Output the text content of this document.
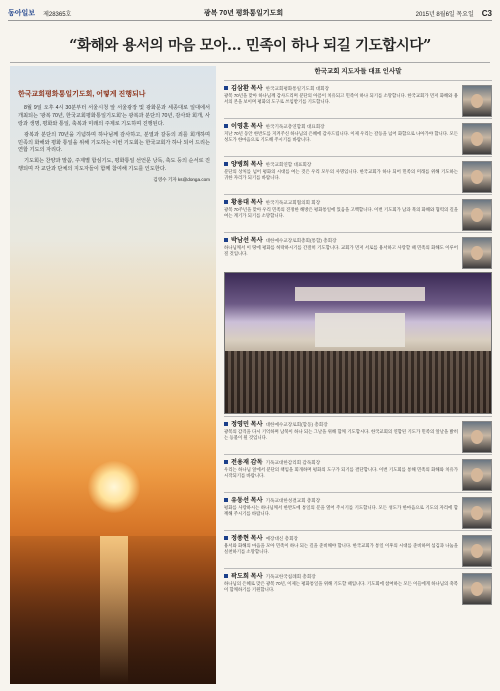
동아일보 제28365호	광복 70년 평화통일기도회	2015년 8월6일 목요일 C3
“화해와 용서의 마음 모아… 민족이 하나 되길 기도합시다”
한국교회평화통일기도회, 어떻게 진행되나

8월 9일 오후 4시 30분부터 서울시청 앞 서울광장 및 광화문과 세종대로 일대에서 개최되는 '광복 70년, 한국교회평화통일기도회'는 광복과 분단의 70년, 감사와 회개, 사랑과 생명, 평화와 통일, 축복과 미래의 주제로 기도하며 진행된다.

광복과 분단의 70년을 기념하며 하나님께 감사하고, 분열과 갈등의 죄를 회개하며 민족의 화해와 평화 통일을 위해 기도하는 이번 기도회는 한국교회가 하나 되어 드리는 연합 기도의 자리다.

기도회는 찬양과 말씀, 주제별 합심기도, 평화통일 선언문 낭독, 축도 등의 순서로 진행되며 각 교단과 단체의 지도자들이 함께 참여해 기도를 인도한다.

김영수 기자 ks@donga.com
한국교회 지도자들 대표 인사말
김삼환 목사 한국교회평화통일기도회 대회장
광복 70년을 맞아 하나님께 감사드리며 분단의 아픔이 치유되고 민족이 하나 되기를 소망합니다. 한국교회가 먼저 화해와 용서의 본을 보이며 평화의 도구로 쓰임받기를 기도합니다.
이영훈 목사 한국기독교총연합회 대표회장
지난 70년 동안 한반도를 지켜주신 하나님의 은혜에 감사드립니다. 이제 우리는 갈등을 넘어 화합으로 나아가야 합니다. 모든 성도가 한마음으로 기도해 주시기를 바랍니다.
양병희 목사 한국교회연합 대표회장
분단의 상처를 넘어 평화의 시대를 여는 것은 우리 모두의 사명입니다. 한국교회가 하나 되어 민족의 미래를 위해 기도하는 귀한 자리가 되기를 바랍니다.
황용대 목사 한국기독교교회협의회 회장
광복 70주년을 맞아 우리 민족의 진정한 해방은 평화통일에 있음을 고백합니다. 이번 기도회가 남과 북의 화해와 협력의 길을 여는 계기가 되기를 소망합니다.
박남선 목사 대한예수교장로회총회(통합) 총회장
하나님께서 이 땅에 평화를 허락하시기를 간절히 기도합니다. 교회가 먼저 서로를 용서하고 사랑할 때 민족의 화해도 이루어질 것입니다.
정영민 목사 대한예수교장로회(합동) 총회장
광복의 감격을 다시 기억하며 남북이 하나 되는 그날을 위해 함께 기도합시다. 한국교회의 연합된 기도가 민족의 앞날을 밝히는 등불이 될 것입니다.
전용재 감독 기독교대한감리회 감독회장
우리는 하나님 앞에서 분단의 책임을 회개하며 평화의 도구가 되기를 결단합니다. 이번 기도회를 통해 민족의 화해와 치유가 시작되기를 바랍니다.
유동선 목사 기독교대한성결교회 총회장
평화를 사랑하시는 하나님께서 한반도에 통일의 문을 열어 주시기를 기도합니다. 모든 성도가 한마음으로 기도의 자리에 함께해 주시기를 바랍니다.
정종현 목사 예장대신 총회장
용서와 화해의 마음을 모아 민족이 하나 되는 길을 준비해야 합니다. 한국교회가 통일 이후의 시대를 준비하며 섬김과 나눔을 실천하기를 소망합니다.
곽도희 목사 기독교한국침례회 총회장
하나님의 은혜로 맞은 광복 70년, 이제는 평화통일을 위해 기도할 때입니다. 기도회에 참여하는 모든 이들에게 하나님의 축복이 함께하기를 기원합니다.
